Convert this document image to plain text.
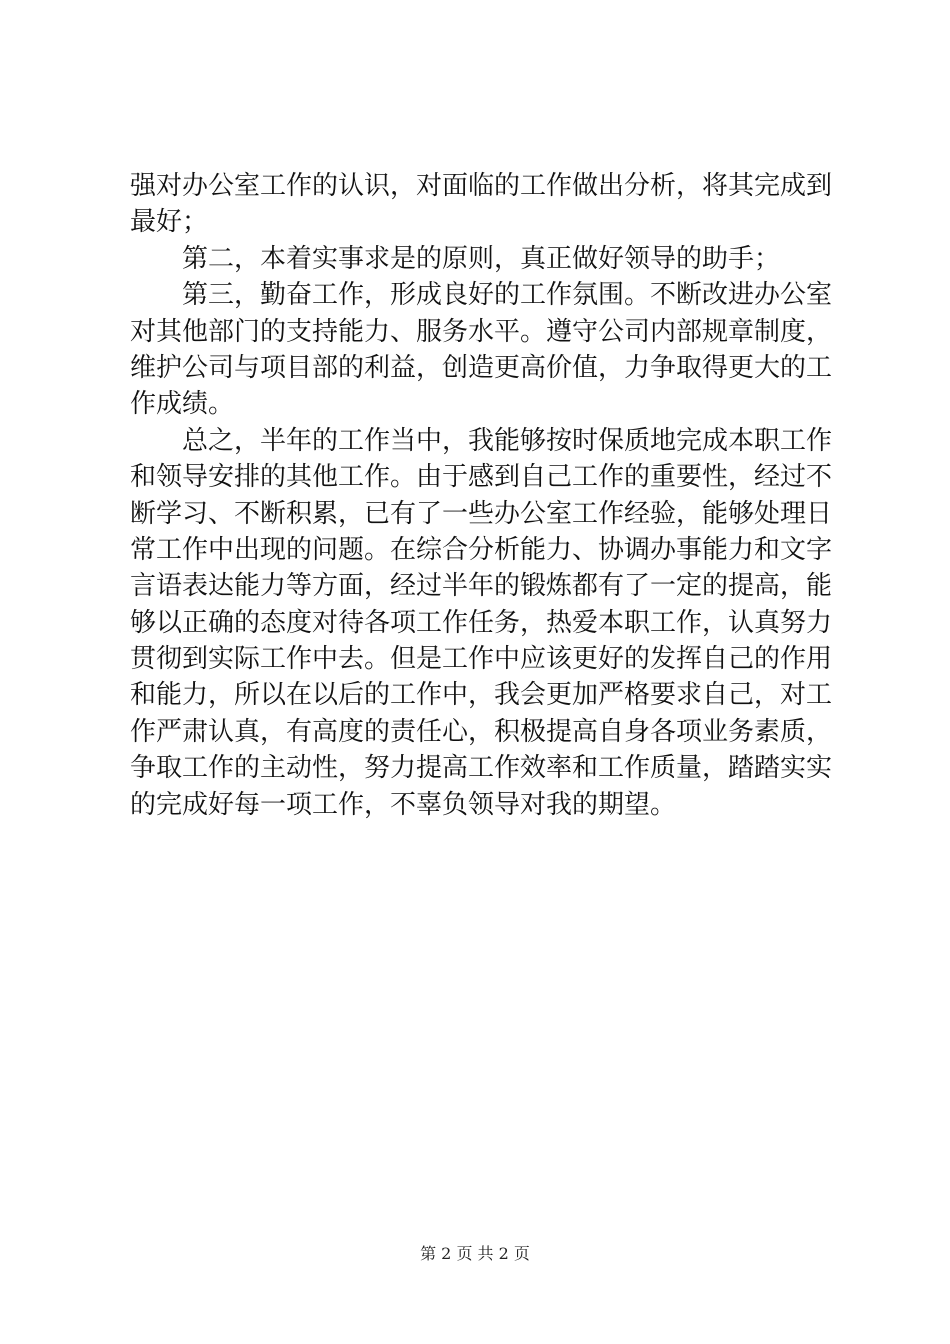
强对办公室工作的认识，对面临的工作做出分析，将其完成到
最好；
第二，本着实事求是的原则，真正做好领导的助手；
第三，勤奋工作，形成良好的工作氛围。不断改进办公室
对其他部门的支持能力、服务水平。遵守公司内部规章制度，
维护公司与项目部的利益，创造更高价值，力争取得更大的工
作成绩。
总之，半年的工作当中，我能够按时保质地完成本职工作
和领导安排的其他工作。由于感到自己工作的重要性，经过不
断学习、不断积累，已有了一些办公室工作经验，能够处理日
常工作中出现的问题。在综合分析能力、协调办事能力和文字
言语表达能力等方面，经过半年的锻炼都有了一定的提高，能
够以正确的态度对待各项工作任务，热爱本职工作，认真努力
贯彻到实际工作中去。但是工作中应该更好的发挥自己的作用
和能力，所以在以后的工作中，我会更加严格要求自己，对工
作严肃认真，有高度的责任心，积极提高自身各项业务素质，
争取工作的主动性，努力提高工作效率和工作质量，踏踏实实
的完成好每一项工作，不辜负领导对我的期望。
第 2 页 共 2 页
